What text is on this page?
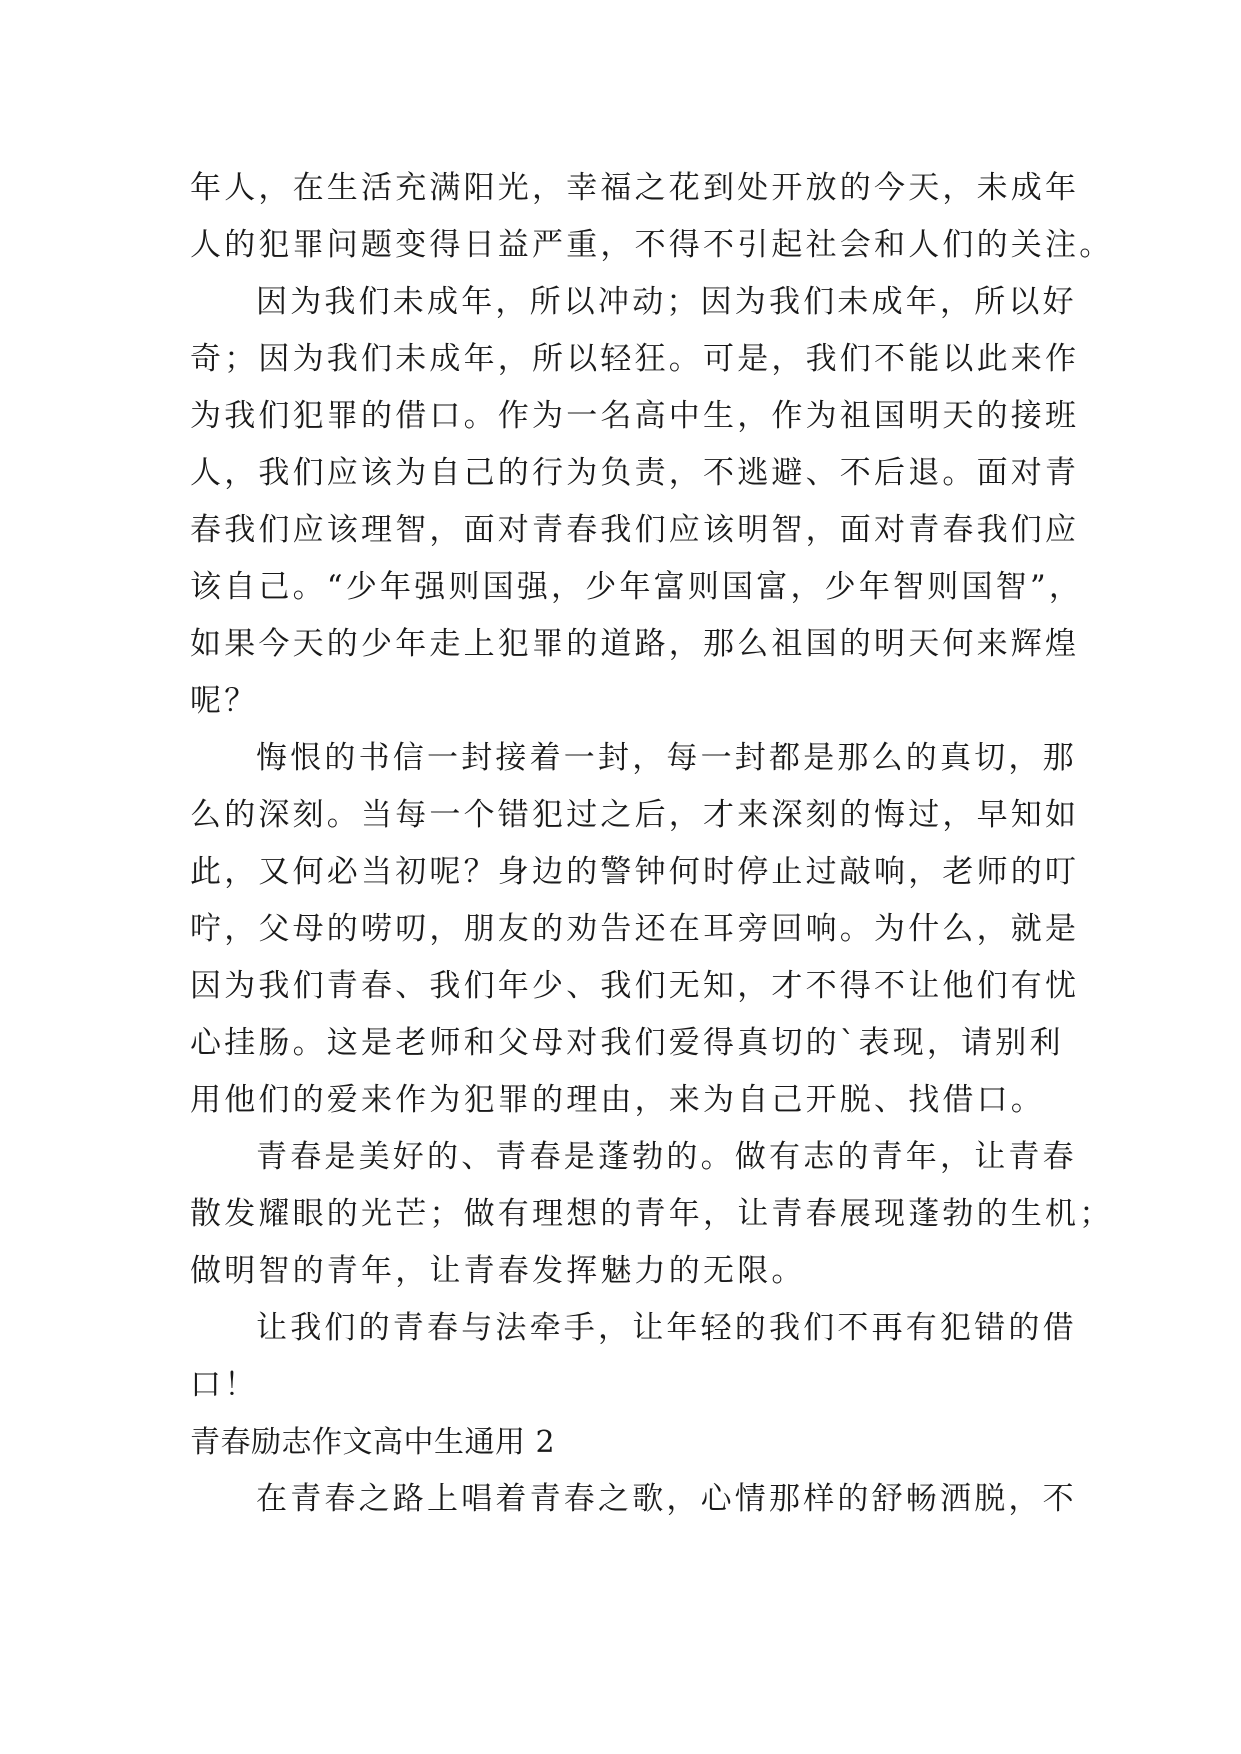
年人，在生活充满阳光，幸福之花到处开放的今天，未成年
人的犯罪问题变得日益严重，不得不引起社会和人们的关注。
因为我们未成年，所以冲动；因为我们未成年，所以好
奇；因为我们未成年，所以轻狂。可是，我们不能以此来作
为我们犯罪的借口。作为一名高中生，作为祖国明天的接班
人，我们应该为自己的行为负责，不逃避、不后退。面对青
春我们应该理智，面对青春我们应该明智，面对青春我们应
该自己。“少年强则国强，少年富则国富，少年智则国智”，
如果今天的少年走上犯罪的道路，那么祖国的明天何来辉煌
呢？
悔恨的书信一封接着一封，每一封都是那么的真切，那
么的深刻。当每一个错犯过之后，才来深刻的悔过，早知如
此，又何必当初呢？身边的警钟何时停止过敲响，老师的叮
咛，父母的唠叨，朋友的劝告还在耳旁回响。为什么，就是
因为我们青春、我们年少、我们无知，才不得不让他们有忧
心挂肠。这是老师和父母对我们爱得真切的`表现，请别利
用他们的爱来作为犯罪的理由，来为自己开脱、找借口。
青春是美好的、青春是蓬勃的。做有志的青年，让青春
散发耀眼的光芒；做有理想的青年，让青春展现蓬勃的生机；
做明智的青年，让青春发挥魅力的无限。
让我们的青春与法牵手，让年轻的我们不再有犯错的借
口！
青春励志作文高中生通用 2
在青春之路上唱着青春之歌，心情那样的舒畅洒脱，不
